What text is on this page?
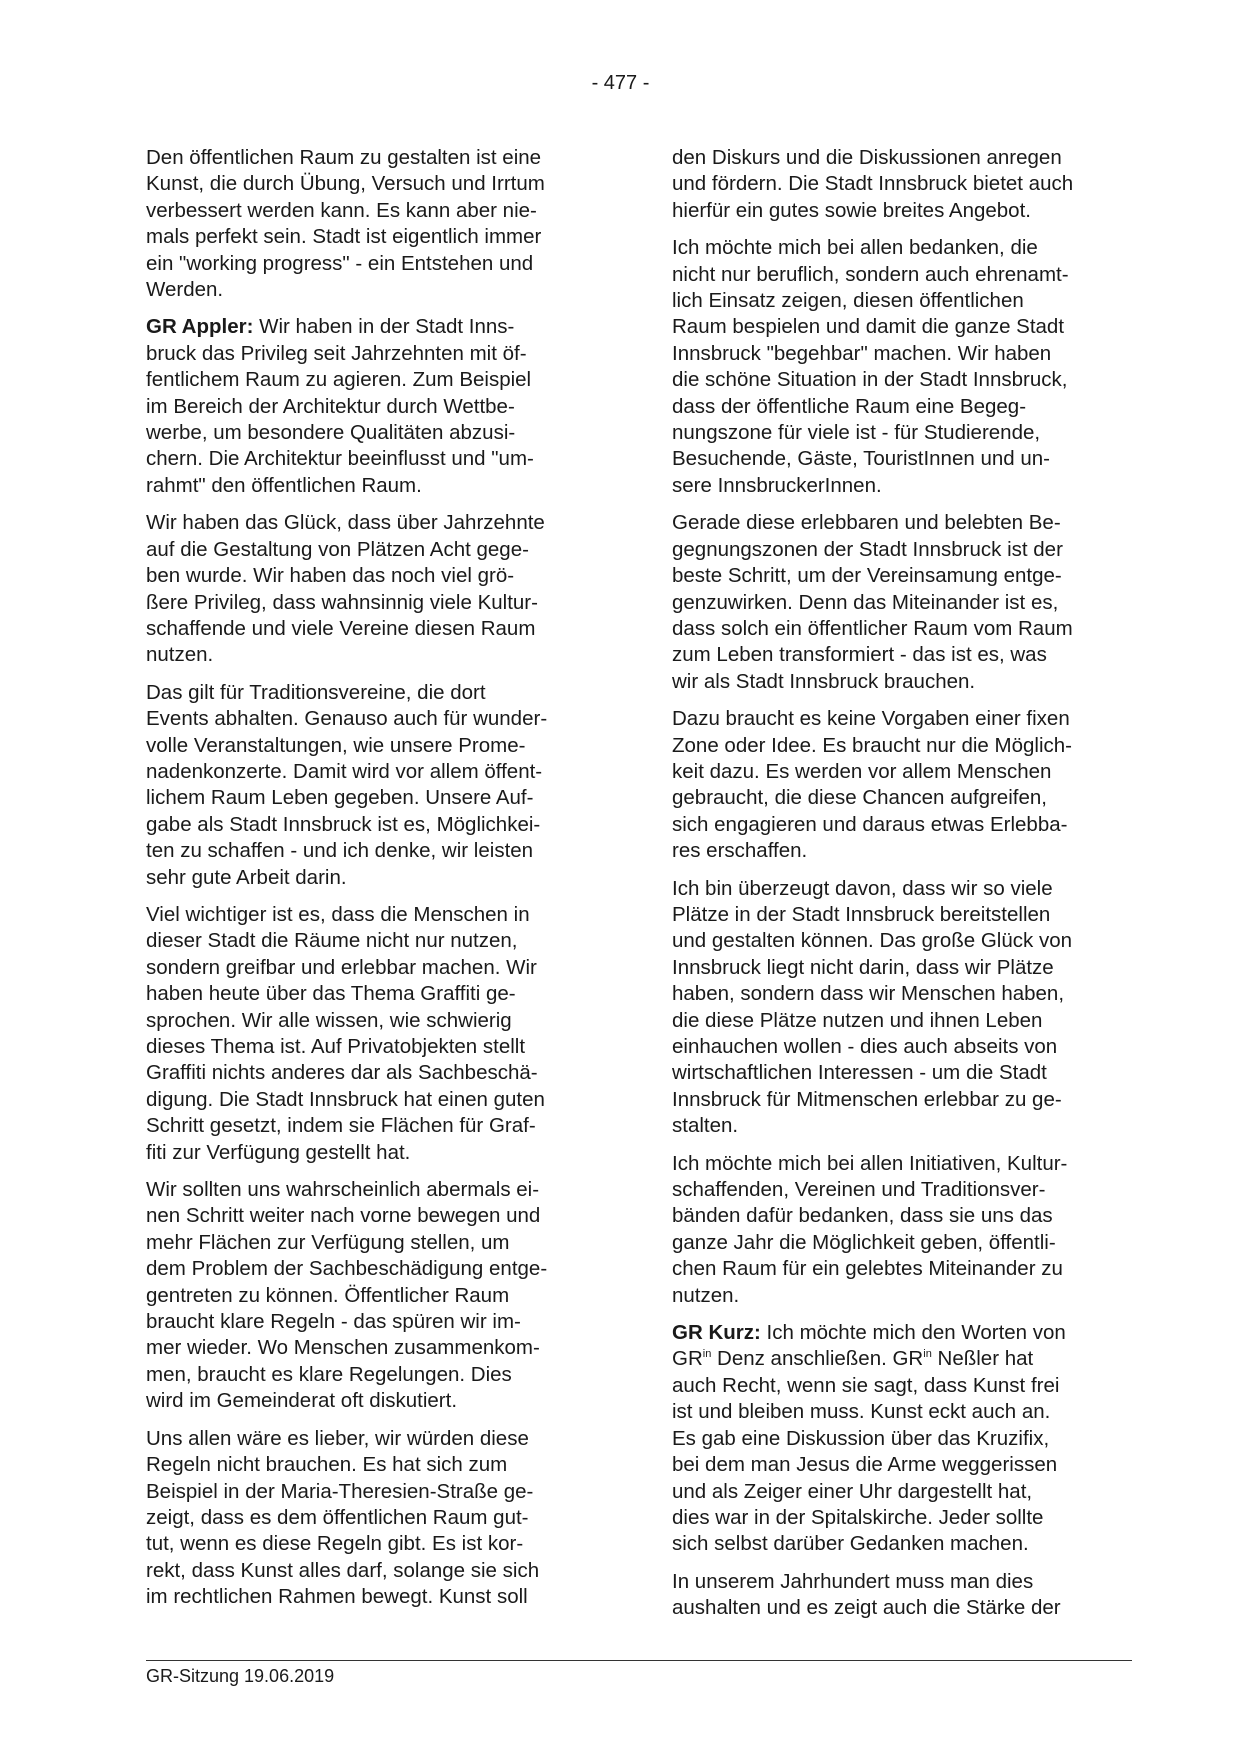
- 477 -

Den öffentlichen Raum zu gestalten ist eine
Kunst, die durch Übung, Versuch und Irrtum
verbessert werden kann. Es kann aber nie-
mals perfekt sein. Stadt ist eigentlich immer
ein "working progress" - ein Entstehen und
Werden.

GR Appler: Wir haben in der Stadt Inns-
bruck das Privileg seit Jahrzehnten mit öf-
fentlichem Raum zu agieren. Zum Beispiel
im Bereich der Architektur durch Wettbe-
werbe, um besondere Qualitäten abzusi-
chern. Die Architektur beeinflusst und "um-
rahmt" den öffentlichen Raum.

Wir haben das Glück, dass über Jahrzehnte
auf die Gestaltung von Plätzen Acht gege-
ben wurde. Wir haben das noch viel grö-
ßere Privileg, dass wahnsinnig viele Kultur-
schaffende und viele Vereine diesen Raum
nutzen.

Das gilt für Traditionsvereine, die dort
Events abhalten. Genauso auch für wunder-
volle Veranstaltungen, wie unsere Prome-
nadenkonzerte. Damit wird vor allem öffent-
lichem Raum Leben gegeben. Unsere Auf-
gabe als Stadt Innsbruck ist es, Möglichkei-
ten zu schaffen - und ich denke, wir leisten
sehr gute Arbeit darin.

Viel wichtiger ist es, dass die Menschen in
dieser Stadt die Räume nicht nur nutzen,
sondern greifbar und erlebbar machen. Wir
haben heute über das Thema Graffiti ge-
sprochen. Wir alle wissen, wie schwierig
dieses Thema ist. Auf Privatobjekten stellt
Graffiti nichts anderes dar als Sachbeschä-
digung. Die Stadt Innsbruck hat einen guten
Schritt gesetzt, indem sie Flächen für Graf-
fiti zur Verfügung gestellt hat.

Wir sollten uns wahrscheinlich abermals ei-
nen Schritt weiter nach vorne bewegen und
mehr Flächen zur Verfügung stellen, um
dem Problem der Sachbeschädigung entge-
gentreten zu können. Öffentlicher Raum
braucht klare Regeln - das spüren wir im-
mer wieder. Wo Menschen zusammenkom-
men, braucht es klare Regelungen. Dies
wird im Gemeinderat oft diskutiert.

Uns allen wäre es lieber, wir würden diese
Regeln nicht brauchen. Es hat sich zum
Beispiel in der Maria-Theresien-Straße ge-
zeigt, dass es dem öffentlichen Raum gut-
tut, wenn es diese Regeln gibt. Es ist kor-
rekt, dass Kunst alles darf, solange sie sich
im rechtlichen Rahmen bewegt. Kunst soll

den Diskurs und die Diskussionen anregen
und fördern. Die Stadt Innsbruck bietet auch
hierfür ein gutes sowie breites Angebot.

Ich möchte mich bei allen bedanken, die
nicht nur beruflich, sondern auch ehrenamt-
lich Einsatz zeigen, diesen öffentlichen
Raum bespielen und damit die ganze Stadt
Innsbruck "begehbar" machen. Wir haben
die schöne Situation in der Stadt Innsbruck,
dass der öffentliche Raum eine Begeg-
nungszone für viele ist - für Studierende,
Besuchende, Gäste, TouristInnen und un-
sere InnsbruckerInnen.

Gerade diese erlebbaren und belebten Be-
gegnungszonen der Stadt Innsbruck ist der
beste Schritt, um der Vereinsamung entge-
genzuwirken. Denn das Miteinander ist es,
dass solch ein öffentlicher Raum vom Raum
zum Leben transformiert - das ist es, was
wir als Stadt Innsbruck brauchen.

Dazu braucht es keine Vorgaben einer fixen
Zone oder Idee. Es braucht nur die Möglich-
keit dazu. Es werden vor allem Menschen
gebraucht, die diese Chancen aufgreifen,
sich engagieren und daraus etwas Erlebba-
res erschaffen.

Ich bin überzeugt davon, dass wir so viele
Plätze in der Stadt Innsbruck bereitstellen
und gestalten können. Das große Glück von
Innsbruck liegt nicht darin, dass wir Plätze
haben, sondern dass wir Menschen haben,
die diese Plätze nutzen und ihnen Leben
einhauchen wollen - dies auch abseits von
wirtschaftlichen Interessen - um die Stadt
Innsbruck für Mitmenschen erlebbar zu ge-
stalten.

Ich möchte mich bei allen Initiativen, Kultur-
schaffenden, Vereinen und Traditionsver-
bänden dafür bedanken, dass sie uns das
ganze Jahr die Möglichkeit geben, öffentli-
chen Raum für ein gelebtes Miteinander zu
nutzen.

GR Kurz: Ich möchte mich den Worten von
$GR^{in}$ Denz anschließen. $GR^{in}$ Neßler hat
auch Recht, wenn sie sagt, dass Kunst frei
ist und bleiben muss. Kunst eckt auch an.
Es gab eine Diskussion über das Kruzifix,
bei dem man Jesus die Arme weggerissen
und als Zeiger einer Uhr dargestellt hat,
dies war in der Spitalskirche. Jeder sollte
sich selbst darüber Gedanken machen.

In unserem Jahrhundert muss man dies
aushalten und es zeigt auch die Stärke der

GR-Sitzung 19.06.2019
